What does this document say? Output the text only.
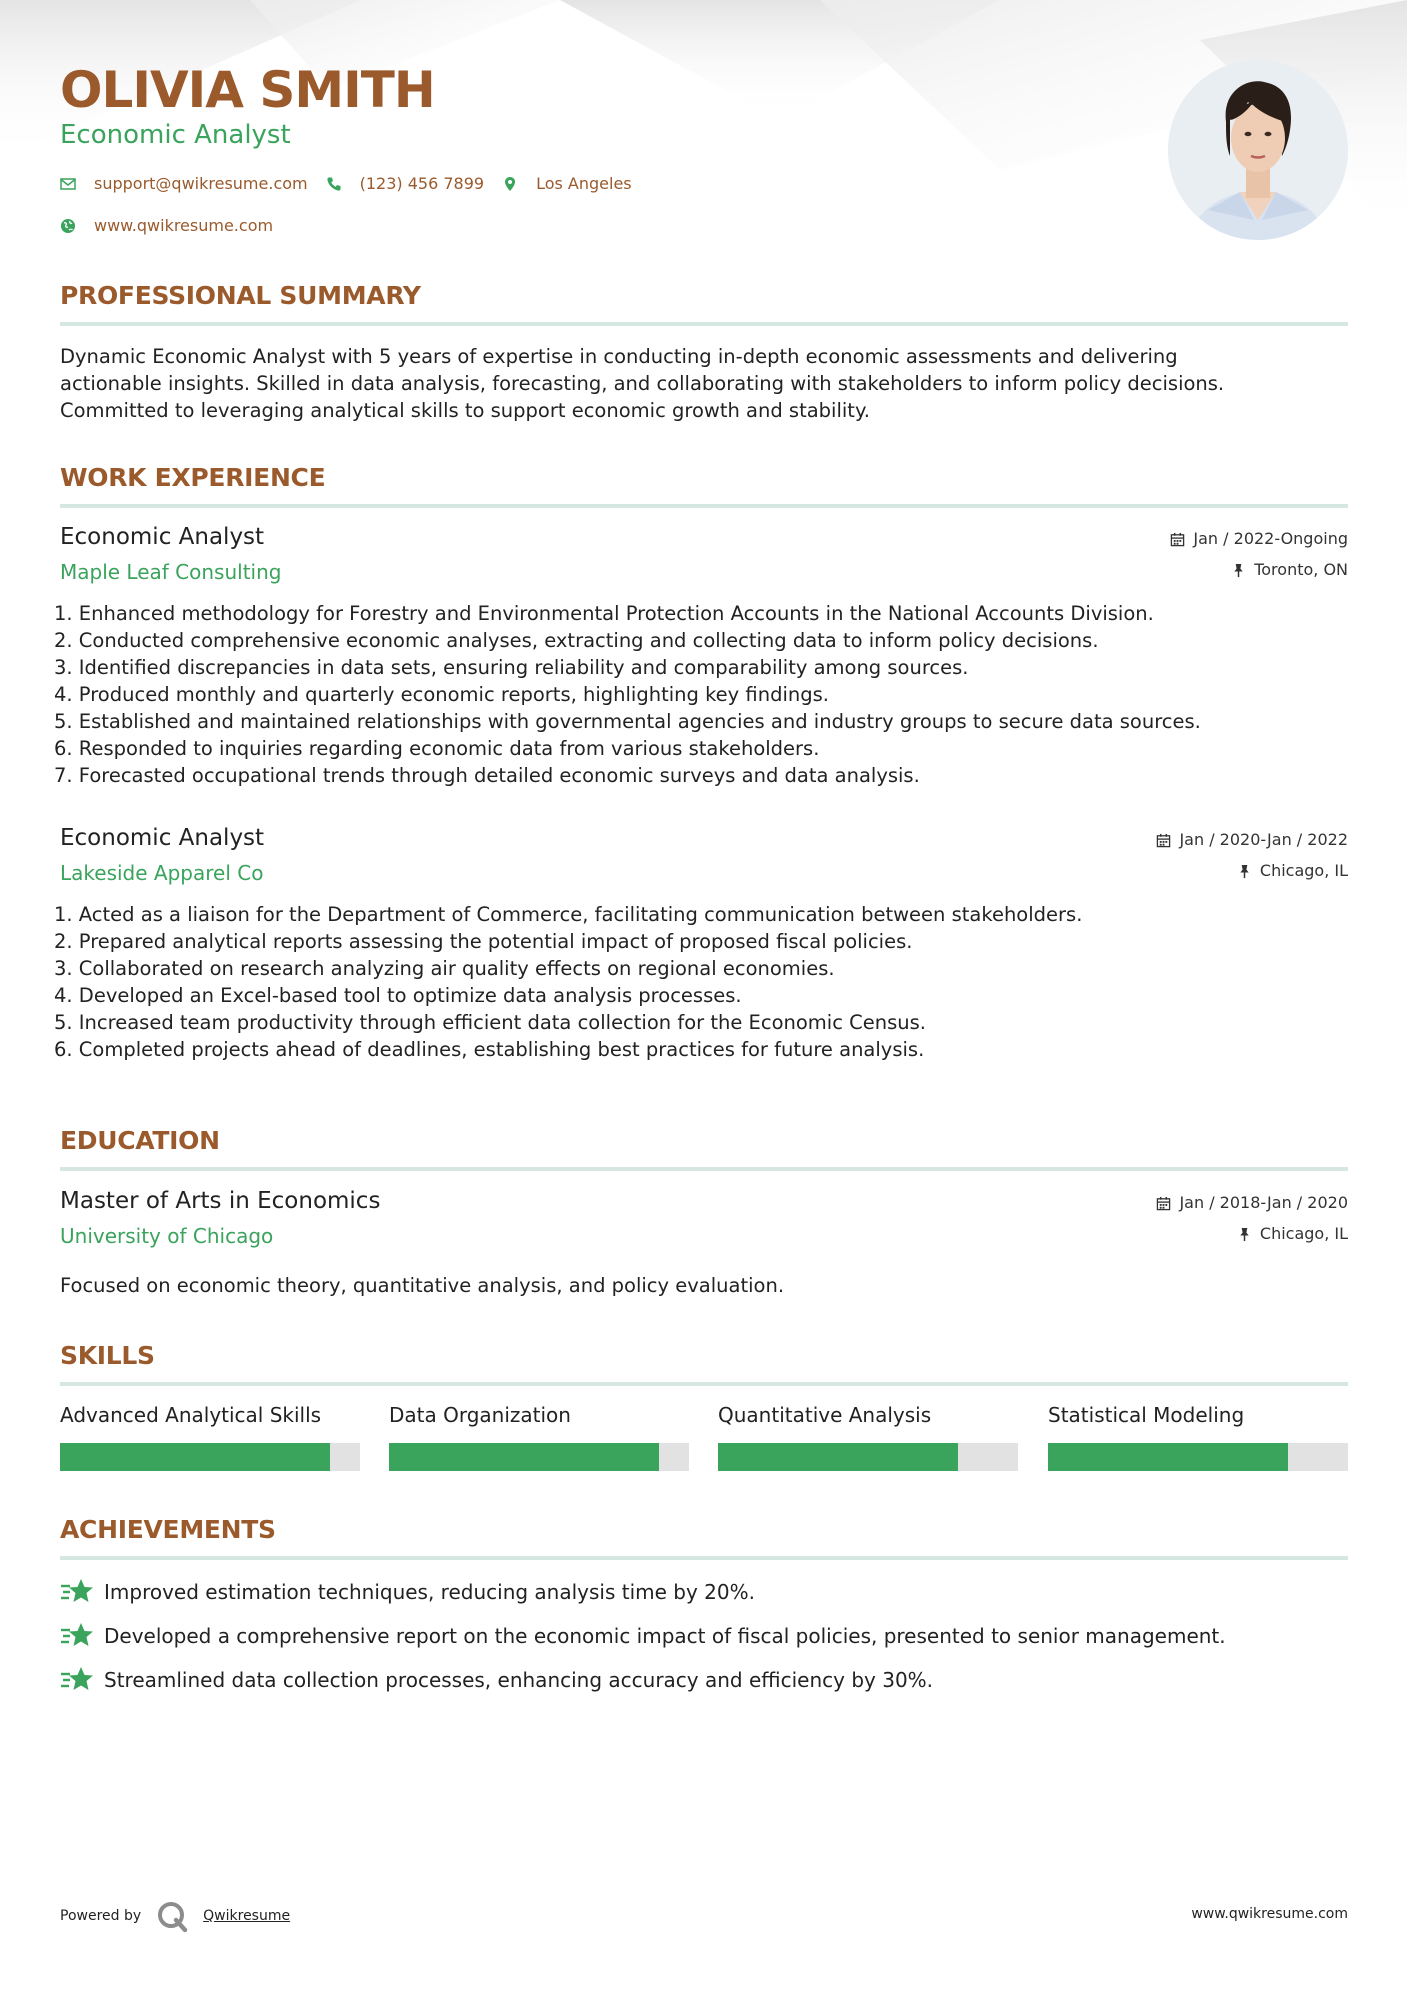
OLIVIA SMITH
Economic Analyst
support@qwikresume.com	(123) 456 7899	Los Angeles
www.qwikresume.com
PROFESSIONAL SUMMARY
Dynamic Economic Analyst with 5 years of expertise in conducting in-depth economic assessments and delivering
actionable insights. Skilled in data analysis, forecasting, and collaborating with stakeholders to inform policy decisions.
Committed to leveraging analytical skills to support economic growth and stability.
WORK EXPERIENCE
Economic Analyst
Maple Leaf Consulting
Jan / 2022-Ongoing
Toronto, ON
1. Enhanced methodology for Forestry and Environmental Protection Accounts in the National Accounts Division.
2. Conducted comprehensive economic analyses, extracting and collecting data to inform policy decisions.
3. Identified discrepancies in data sets, ensuring reliability and comparability among sources.
4. Produced monthly and quarterly economic reports, highlighting key findings.
5. Established and maintained relationships with governmental agencies and industry groups to secure data sources.
6. Responded to inquiries regarding economic data from various stakeholders.
7. Forecasted occupational trends through detailed economic surveys and data analysis.
Economic Analyst
Lakeside Apparel Co
Jan / 2020-Jan / 2022
Chicago, IL
1. Acted as a liaison for the Department of Commerce, facilitating communication between stakeholders.
2. Prepared analytical reports assessing the potential impact of proposed fiscal policies.
3. Collaborated on research analyzing air quality effects on regional economies.
4. Developed an Excel-based tool to optimize data analysis processes.
5. Increased team productivity through efficient data collection for the Economic Census.
6. Completed projects ahead of deadlines, establishing best practices for future analysis.
EDUCATION
Master of Arts in Economics
University of Chicago
Jan / 2018-Jan / 2020
Chicago, IL
Focused on economic theory, quantitative analysis, and policy evaluation.
SKILLS
Advanced Analytical Skills	Data Organization	Quantitative Analysis	Statistical Modeling
ACHIEVEMENTS
Improved estimation techniques, reducing analysis time by 20%.
Developed a comprehensive report on the economic impact of fiscal policies, presented to senior management.
Streamlined data collection processes, enhancing accuracy and efficiency by 30%.
Powered by	Qwikresume	www.qwikresume.com
